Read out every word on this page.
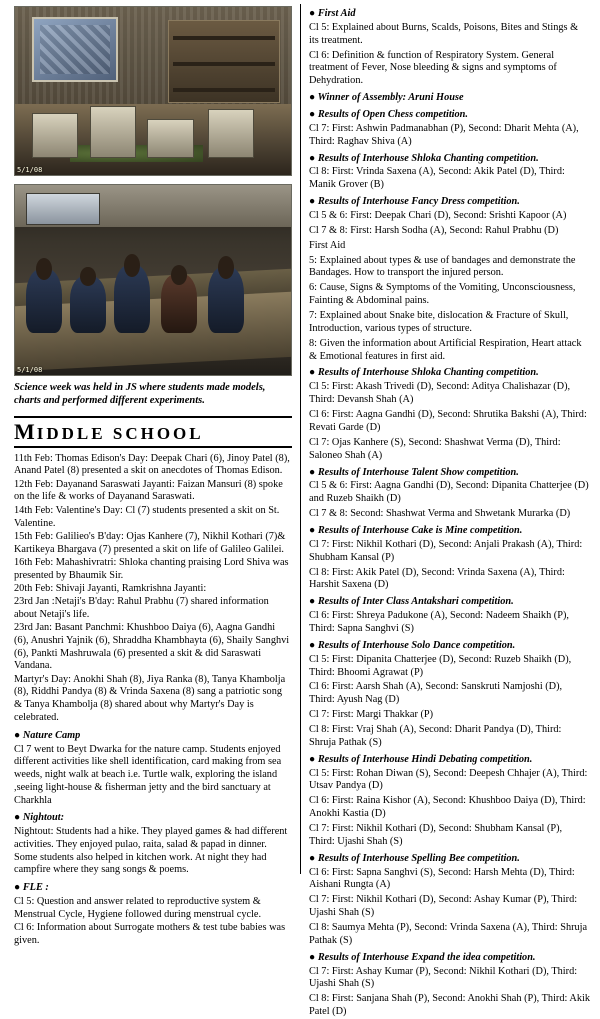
5/1/08
5/1/08
Science week was held in JS where students made models, charts and performed different experiments.
MIDDLE SCHOOL

11th Feb: Thomas Edison's Day: Deepak Chari (6), Jinoy Patel (8), Anand Patel (8) presented a skit on anecdotes of Thomas Edison.

12th Feb: Dayanand Saraswati Jayanti: Faizan Mansuri (8) spoke on the life & works of Dayanand Saraswati.

14th Feb: Valentine's Day: Cl (7) students presented a skit on St. Valentine.

15th Feb: Galilieo's B'day: Ojas Kanhere (7), Nikhil Kothari (7)& Kartikeya Bhargava (7) presented a skit on life of Galileo Galilei.

16th Feb: Mahashivratri: Shloka chanting praising Lord Shiva was presented by Bhaumik Sir.

20th Feb: Shivaji Jayanti, Ramkrishna Jayanti:

23rd Jan :Netaji's B'day: Rahul Prabhu (7) shared information about Netaji's life.

23rd Jan: Basant Panchmi: Khushboo Daiya (6), Aagna Gandhi (6), Anushri Yajnik (6), Shraddha Khambhayta (6), Shaily Sanghvi (6), Pankti Mashruwala (6) presented a skit & did Saraswati Vandana.

Martyr's Day: Anokhi Shah (8), Jiya Ranka (8), Tanya Khambolja (8), Riddhi Pandya (8) & Vrinda Saxena (8) sang a patriotic song & Tanya Khambolja (8) shared about why Martyr's Day is celebrated.

● Nature Camp

Cl 7 went to Beyt Dwarka for the nature camp. Students enjoyed different activities like shell identification, card making from sea weeds, night walk at beach i.e. Turtle walk, exploring the island ,seeing light-house & fisherman jetty and the bird sanctuary at Charkhla

● Nightout:

Nightout: Students had a hike. They played games & had different activities. They enjoyed pulao, raita, salad & papad in dinner. Some students also helped in kitchen work. At night they had campfire where they sang songs & poems.

● FLE :

Cl 5: Question and answer related to reproductive system & Menstrual Cycle, Hygiene followed during menstrual cycle.

Cl 6: Information about Surrogate mothers & test tube babies was given.

● First Aid

Cl 5: Explained about Burns, Scalds, Poisons, Bites and Stings & its treatment.

Cl 6: Definition & function of Respiratory System. General treatment of Fever, Nose bleeding & signs and symptoms of Dehydration.

● Winner of Assembly: Aruni House
● Results of Open Chess competition.

Cl 7: First: Ashwin Padmanabhan (P), Second: Dharit Mehta (A), Third: Raghav Shiva (A)

● Results of Interhouse Shloka Chanting competition.

Cl 8: First: Vrinda Saxena (A), Second: Akik Patel (D), Third: Manik Grover (B)

● Results of Interhouse Fancy Dress competition.

Cl 5 & 6: First: Deepak Chari (D), Second: Srishti Kapoor (A)

Cl 7 & 8: First: Harsh Sodha (A), Second: Rahul Prabhu (D)

First Aid

5: Explained about types & use of bandages and demonstrate the Bandages. How to transport the injured person.

6: Cause, Signs & Symptoms of the Vomiting, Unconsciousness, Fainting & Abdominal pains.

7: Explained about Snake bite, dislocation & Fracture of Skull, Introduction, various types of structure.

8: Given the information about Artificial Respiration, Heart attack & Emotional features in first aid.

● Results of Interhouse Shloka Chanting competition.

Cl 5: First: Akash Trivedi (D), Second: Aditya Chalishazar (D), Third: Devansh Shah (A)

Cl 6: First: Aagna Gandhi (D), Second: Shrutika Bakshi (A), Third: Revati Garde (D)

Cl 7: Ojas Kanhere (S), Second: Shashwat Verma (D), Third: Saloneo Shah (A)

● Results of Interhouse Talent Show competition.

Cl 5 & 6: First: Aagna Gandhi (D), Second: Dipanita Chatterjee (D) and Ruzeb Shaikh (D)

Cl 7 & 8: Second: Shashwat Verma and Shwetank Murarka (D)

● Results of Interhouse Cake is Mine competition.

Cl 7: First: Nikhil Kothari (D), Second: Anjali Prakash (A), Third: Shubham Kansal (P)

Cl 8: First: Akik Patel (D), Second: Vrinda Saxena (A), Third: Harshit Saxena (D)

● Results of Inter Class Antakshari competition.

Cl 6: First: Shreya Padukone (A), Second: Nadeem Shaikh (P), Third: Sapna Sanghvi (S)

● Results of Interhouse Solo Dance competition.

Cl 5: First: Dipanita Chatterjee (D), Second: Ruzeb Shaikh (D), Third: Bhoomi Agrawat (P)

Cl 6: First: Aarsh Shah (A), Second: Sanskruti Namjoshi (D), Third: Ayush Nag (D)

Cl 7: First: Margi Thakkar (P)

Cl 8: First: Vraj Shah (A), Second: Dharit Pandya (D), Third: Shruja Pathak (S)

● Results of Interhouse Hindi Debating competition.

Cl 5: First: Rohan Diwan (S), Second: Deepesh Chhajer (A), Third: Utsav Pandya (D)

Cl 6: First: Raina Kishor (A), Second: Khushboo Daiya (D), Third: Anokhi Kastia (D)

Cl 7: First: Nikhil Kothari (D), Second: Shubham Kansal (P), Third: Ujashi Shah (S)

● Results of Interhouse Spelling Bee competition.

Cl 6: First: Sapna Sanghvi (S), Second: Harsh Mehta (D), Third: Aishani Rungta (A)

Cl 7: First: Nikhil Kothari (D), Second: Ashay Kumar (P), Third: Ujashi Shah (S)

Cl 8: Saumya Mehta (P), Second: Vrinda Saxena (A), Third: Shruja Pathak (S)

● Results of Interhouse Expand the idea competition.

Cl 7: First: Ashay Kumar (P), Second: Nikhil Kothari (D), Third: Ujashi Shah (S)

Cl 8: First: Sanjana Shah (P), Second: Anokhi Shah (P), Third: Akik Patel (D)
